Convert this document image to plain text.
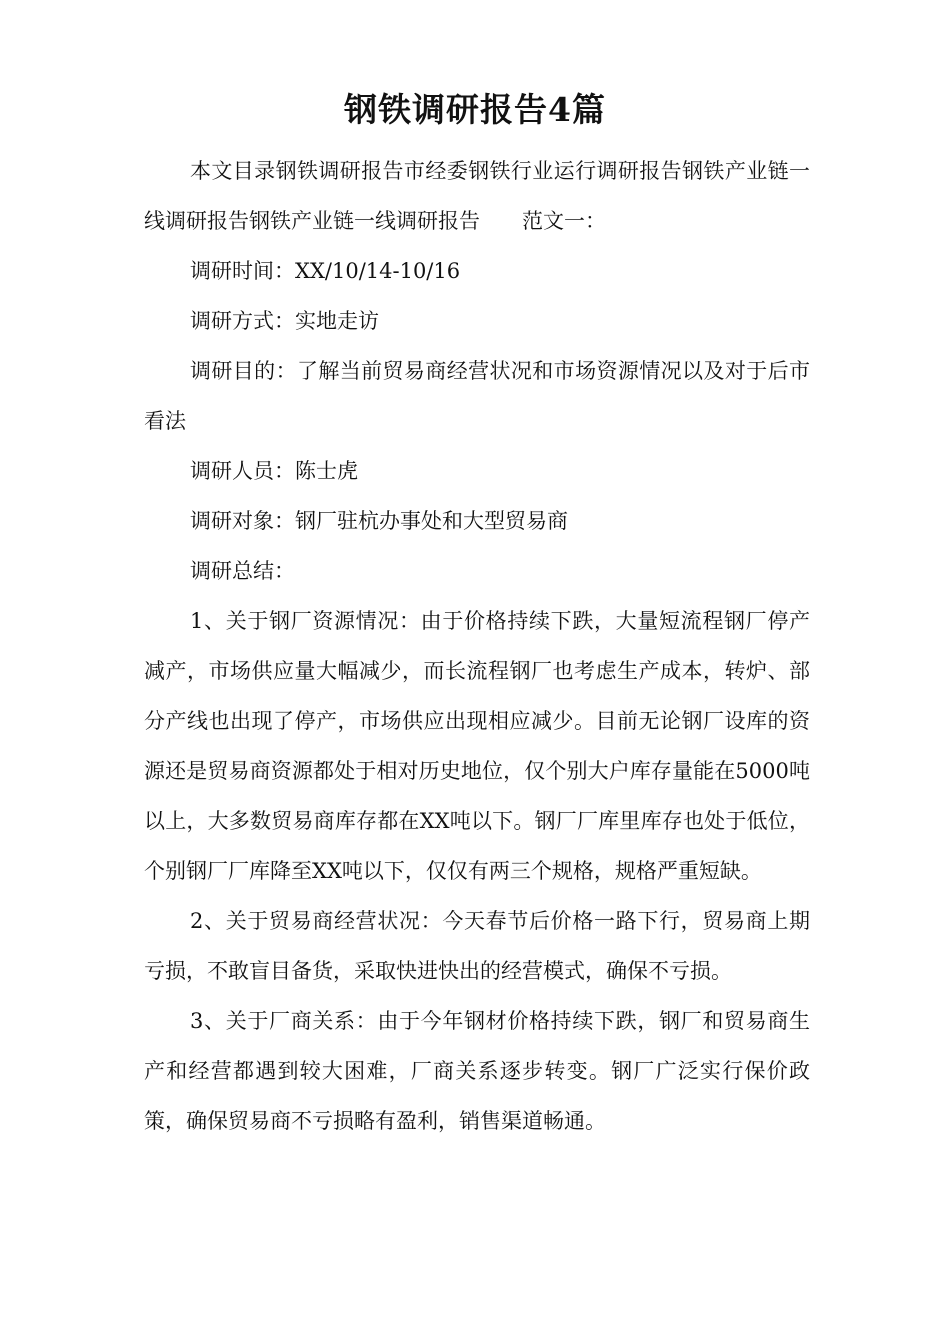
钢铁调研报告4篇

本文目录钢铁调研报告市经委钢铁行业运行调研报告钢铁产业链一线调研报告钢铁产业链一线调研报告　　范文一：

调研时间：XX/10/14-10/16

调研方式：实地走访

调研目的：了解当前贸易商经营状况和市场资源情况以及对于后市看法

调研人员：陈士虎

调研对象：钢厂驻杭办事处和大型贸易商

调研总结：

1、关于钢厂资源情况：由于价格持续下跌，大量短流程钢厂停产减产，市场供应量大幅减少，而长流程钢厂也考虑生产成本，转炉、部分产线也出现了停产，市场供应出现相应减少。目前无论钢厂设库的资源还是贸易商资源都处于相对历史地位，仅个别大户库存量能在5000吨以上，大多数贸易商库存都在XX吨以下。钢厂厂库里库存也处于低位，个别钢厂厂库降至XX吨以下，仅仅有两三个规格，规格严重短缺。

2、关于贸易商经营状况：今天春节后价格一路下行，贸易商上期亏损，不敢盲目备货，采取快进快出的经营模式，确保不亏损。

3、关于厂商关系：由于今年钢材价格持续下跌，钢厂和贸易商生产和经营都遇到较大困难，厂商关系逐步转变。钢厂广泛实行保价政策，确保贸易商不亏损略有盈利，销售渠道畅通。
